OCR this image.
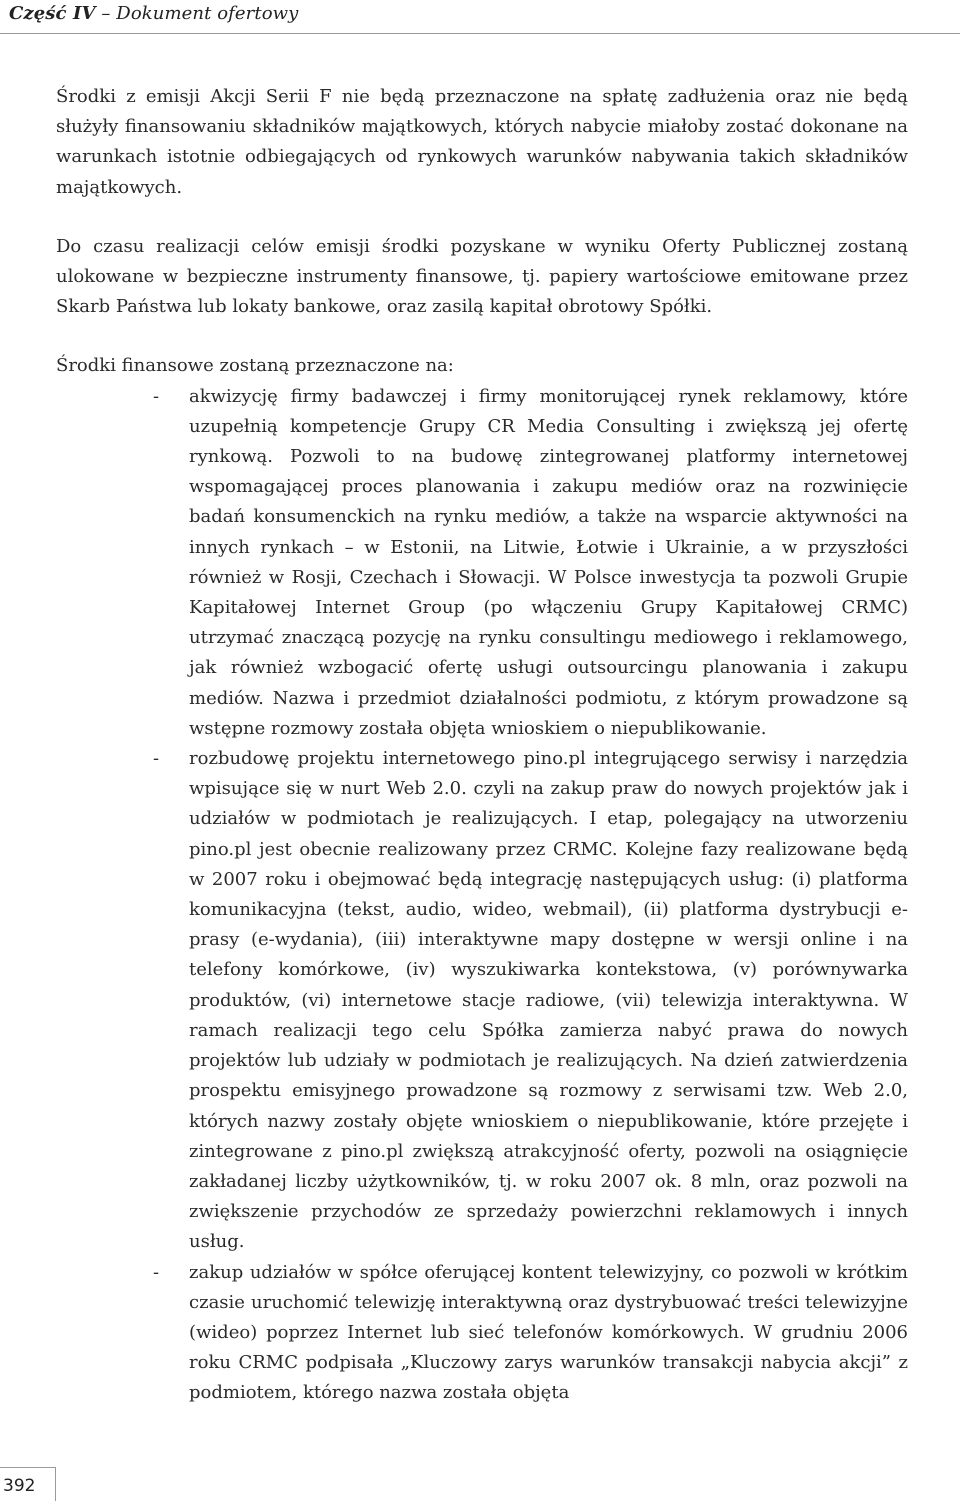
Część IV – Dokument ofertowy

Środki z emisji Akcji Serii F nie będą przeznaczone na spłatę zadłużenia oraz nie będą służyły finansowaniu składników majątkowych, których nabycie miałoby zostać dokonane na warunkach istotnie odbiegających od rynkowych warunków nabywania takich składników majątkowych.

Do czasu realizacji celów emisji środki pozyskane w wyniku Oferty Publicznej zostaną ulokowane w bezpieczne instrumenty finansowe, tj. papiery wartościowe emitowane przez Skarb Państwa lub lokaty bankowe, oraz zasilą kapitał obrotowy Spółki.

Środki finansowe zostaną przeznaczone na:

- akwizycję firmy badawczej i firmy monitorującej rynek reklamowy, które uzupełnią kompetencje Grupy CR Media Consulting i zwiększą jej ofertę rynkową. Pozwoli to na budowę zintegrowanej platformy internetowej wspomagającej proces planowania i zakupu mediów oraz na rozwinięcie badań konsumenckich na rynku mediów, a także na wsparcie aktywności na innych rynkach – w Estonii, na Litwie, Łotwie i Ukrainie, a w przyszłości również w Rosji, Czechach i Słowacji. W Polsce inwestycja ta pozwoli Grupie Kapitałowej Internet Group (po włączeniu Grupy Kapitałowej CRMC) utrzymać znaczącą pozycję na rynku consultingu mediowego i reklamowego, jak również wzbogacić ofertę usługi outsourcingu planowania i zakupu mediów. Nazwa i przedmiot działalności podmiotu, z którym prowadzone są wstępne rozmowy została objęta wnioskiem o niepublikowanie.
- rozbudowę projektu internetowego pino.pl integrującego serwisy i narzędzia wpisujące się w nurt Web 2.0. czyli na zakup praw do nowych projektów jak i udziałów w podmiotach je realizujących. I etap, polegający na utworzeniu pino.pl jest obecnie realizowany przez CRMC. Kolejne fazy realizowane będą w 2007 roku i obejmować będą integrację następujących usług: (i) platforma komunikacyjna (tekst, audio, wideo, webmail), (ii) platforma dystrybucji e-prasy (e-wydania), (iii) interaktywne mapy dostępne w wersji online i na telefony komórkowe, (iv) wyszukiwarka kontekstowa, (v) porównywarka produktów, (vi) internetowe stacje radiowe, (vii) telewizja interaktywna. W ramach realizacji tego celu Spółka zamierza nabyć prawa do nowych projektów lub udziały w podmiotach je realizujących. Na dzień zatwierdzenia prospektu emisyjnego prowadzone są rozmowy z serwisami tzw. Web 2.0, których nazwy zostały objęte wnioskiem o niepublikowanie, które przejęte i zintegrowane z pino.pl zwiększą atrakcyjność oferty, pozwoli na osiągnięcie zakładanej liczby użytkowników, tj. w roku 2007 ok. 8 mln, oraz pozwoli na zwiększenie przychodów ze sprzedaży powierzchni reklamowych i innych usług.
- zakup udziałów w spółce oferującej kontent telewizyjny, co pozwoli w krótkim czasie uruchomić telewizję interaktywną oraz dystrybuować treści telewizyjne (wideo) poprzez Internet lub sieć telefonów komórkowych. W grudniu 2006 roku CRMC podpisała „Kluczowy zarys warunków transakcji nabycia akcji” z podmiotem, którego nazwa została objęta
392
